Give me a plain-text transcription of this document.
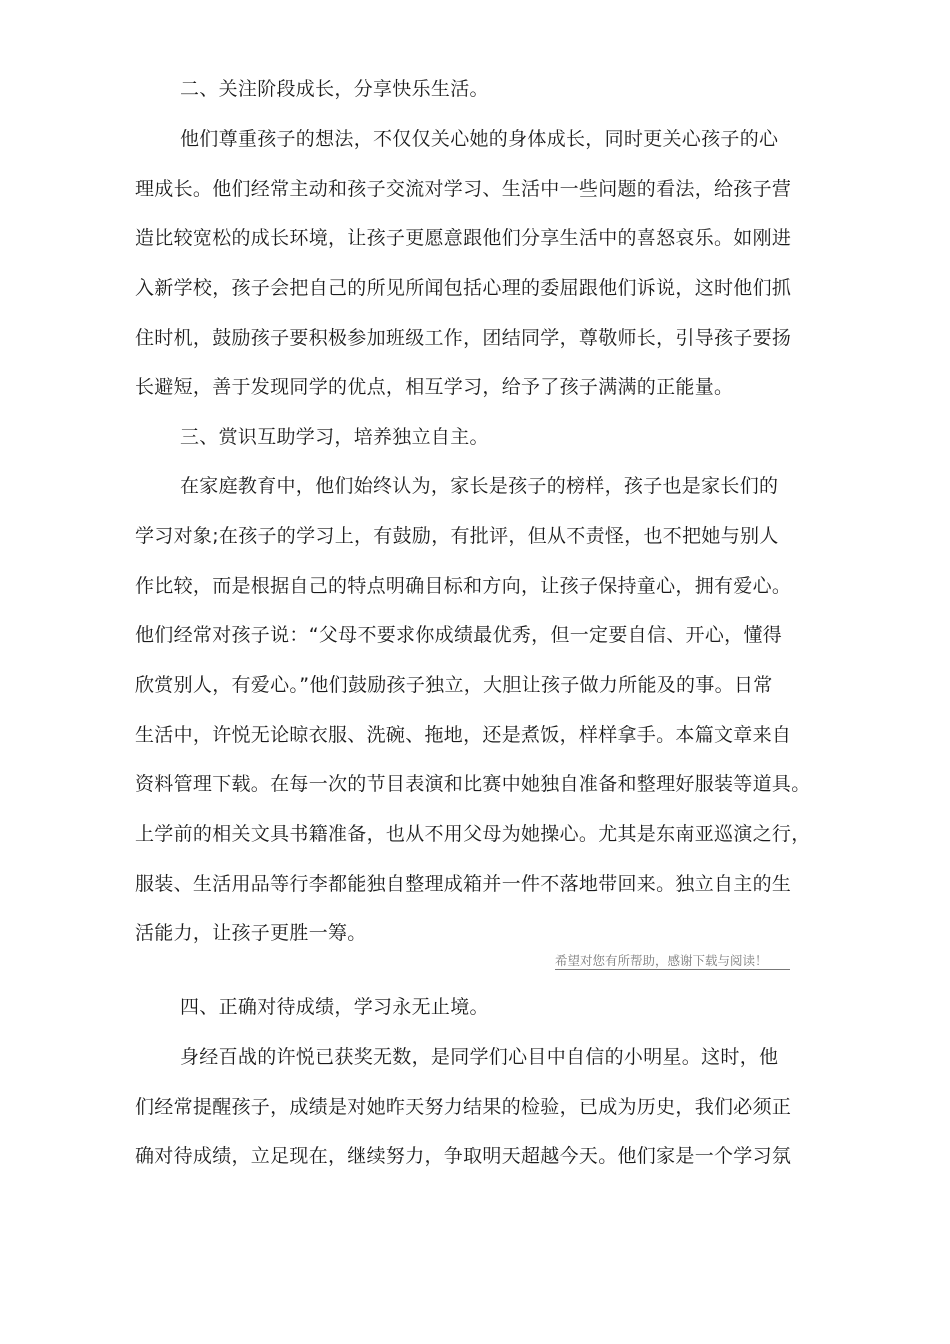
二、关注阶段成长，分享快乐生活。
他们尊重孩子的想法，不仅仅关心她的身体成长，同时更关心孩子的心
理成长。他们经常主动和孩子交流对学习、生活中一些问题的看法，给孩子营
造比较宽松的成长环境，让孩子更愿意跟他们分享生活中的喜怒哀乐。如刚进
入新学校，孩子会把自己的所见所闻包括心理的委屈跟他们诉说，这时他们抓
住时机，鼓励孩子要积极参加班级工作，团结同学，尊敬师长，引导孩子要扬
长避短，善于发现同学的优点，相互学习，给予了孩子满满的正能量。
三、赏识互助学习，培养独立自主。
在家庭教育中，他们始终认为，家长是孩子的榜样，孩子也是家长们的
学习对象;在孩子的学习上，有鼓励，有批评，但从不责怪，也不把她与别人
作比较，而是根据自己的特点明确目标和方向，让孩子保持童心，拥有爱心。
他们经常对孩子说：“父母不要求你成绩最优秀，但一定要自信、开心，懂得
欣赏别人，有爱心。”他们鼓励孩子独立，大胆让孩子做力所能及的事。日常
生活中，许悦无论晾衣服、洗碗、拖地，还是煮饭，样样拿手。本篇文章来自
资料管理下载。在每一次的节目表演和比赛中她独自准备和整理好服装等道具。
上学前的相关文具书籍准备，也从不用父母为她操心。尤其是东南亚巡演之行，
服装、生活用品等行李都能独自整理成箱并一件不落地带回来。独立自主的生
活能力，让孩子更胜一筹。
希望对您有所帮助，感谢下载与阅读！
四、正确对待成绩，学习永无止境。
身经百战的许悦已获奖无数，是同学们心目中自信的小明星。这时，他
们经常提醒孩子，成绩是对她昨天努力结果的检验，已成为历史，我们必须正
确对待成绩，立足现在，继续努力，争取明天超越今天。他们家是一个学习氛
